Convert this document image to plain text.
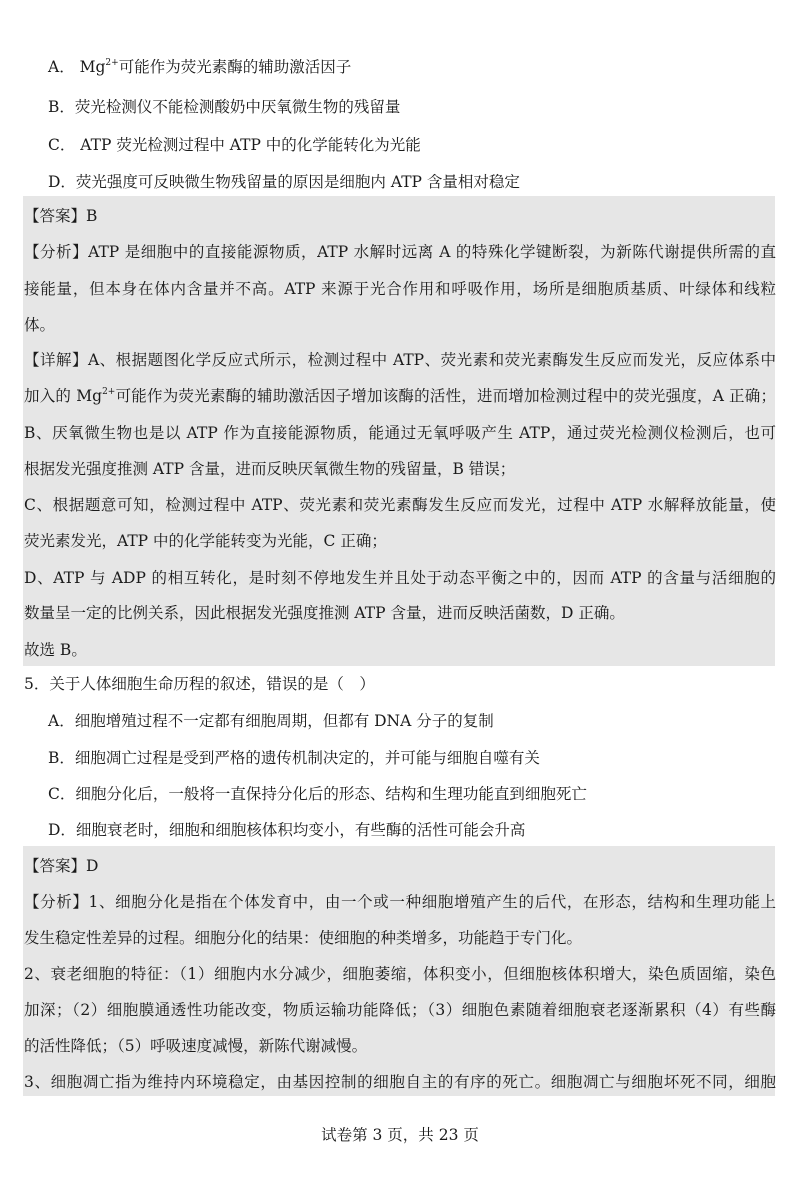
A． $Mg^{2+}$可能作为荧光素酶的辅助激活因子
B．荧光检测仪不能检测酸奶中厌氧微生物的残留量
C． ATP 荧光检测过程中 ATP 中的化学能转化为光能
D．荧光强度可反映微生物残留量的原因是细胞内 ATP 含量相对稳定
【答案】B
【分析】ATP 是细胞中的直接能源物质，ATP 水解时远离 A 的特殊化学键断裂，为新陈代谢提供所需的直
接能量，但本身在体内含量并不高。ATP 来源于光合作用和呼吸作用，场所是细胞质基质、叶绿体和线粒
体。
【详解】A、根据题图化学反应式所示，检测过程中 ATP、荧光素和荧光素酶发生反应而发光，反应体系中
加入的 $Mg^{2+}$可能作为荧光素酶的辅助激活因子增加该酶的活性，进而增加检测过程中的荧光强度，A 正确；
B、厌氧微生物也是以 ATP 作为直接能源物质，能通过无氧呼吸产生 ATP，通过荧光检测仪检测后，也可
根据发光强度推测 ATP 含量，进而反映厌氧微生物的残留量，B 错误；
C、根据题意可知，检测过程中 ATP、荧光素和荧光素酶发生反应而发光，过程中 ATP 水解释放能量，使
荧光素发光，ATP 中的化学能转变为光能，C 正确；
D、ATP 与 ADP 的相互转化，是时刻不停地发生并且处于动态平衡之中的，因而 ATP 的含量与活细胞的
数量呈一定的比例关系，因此根据发光强度推测 ATP 含量，进而反映活菌数，D 正确。
故选 B。
5．关于人体细胞生命历程的叙述，错误的是（　）
A．细胞增殖过程不一定都有细胞周期，但都有 DNA 分子的复制
B．细胞凋亡过程是受到严格的遗传机制决定的，并可能与细胞自噬有关
C．细胞分化后，一般将一直保持分化后的形态、结构和生理功能直到细胞死亡
D．细胞衰老时，细胞和细胞核体积均变小，有些酶的活性可能会升高
【答案】D
【分析】1、细胞分化是指在个体发育中，由一个或一种细胞增殖产生的后代，在形态，结构和生理功能上
发生稳定性差异的过程。细胞分化的结果：使细胞的种类增多，功能趋于专门化。
2、衰老细胞的特征：（1）细胞内水分减少，细胞萎缩，体积变小，但细胞核体积增大，染色质固缩，染色
加深；（2）细胞膜通透性功能改变，物质运输功能降低；（3）细胞色素随着细胞衰老逐渐累积（4）有些酶
的活性降低；（5）呼吸速度减慢，新陈代谢减慢。
3、细胞凋亡指为维持内环境稳定，由基因控制的细胞自主的有序的死亡。细胞凋亡与细胞坏死不同，细胞
试卷第 3 页，共 23 页
